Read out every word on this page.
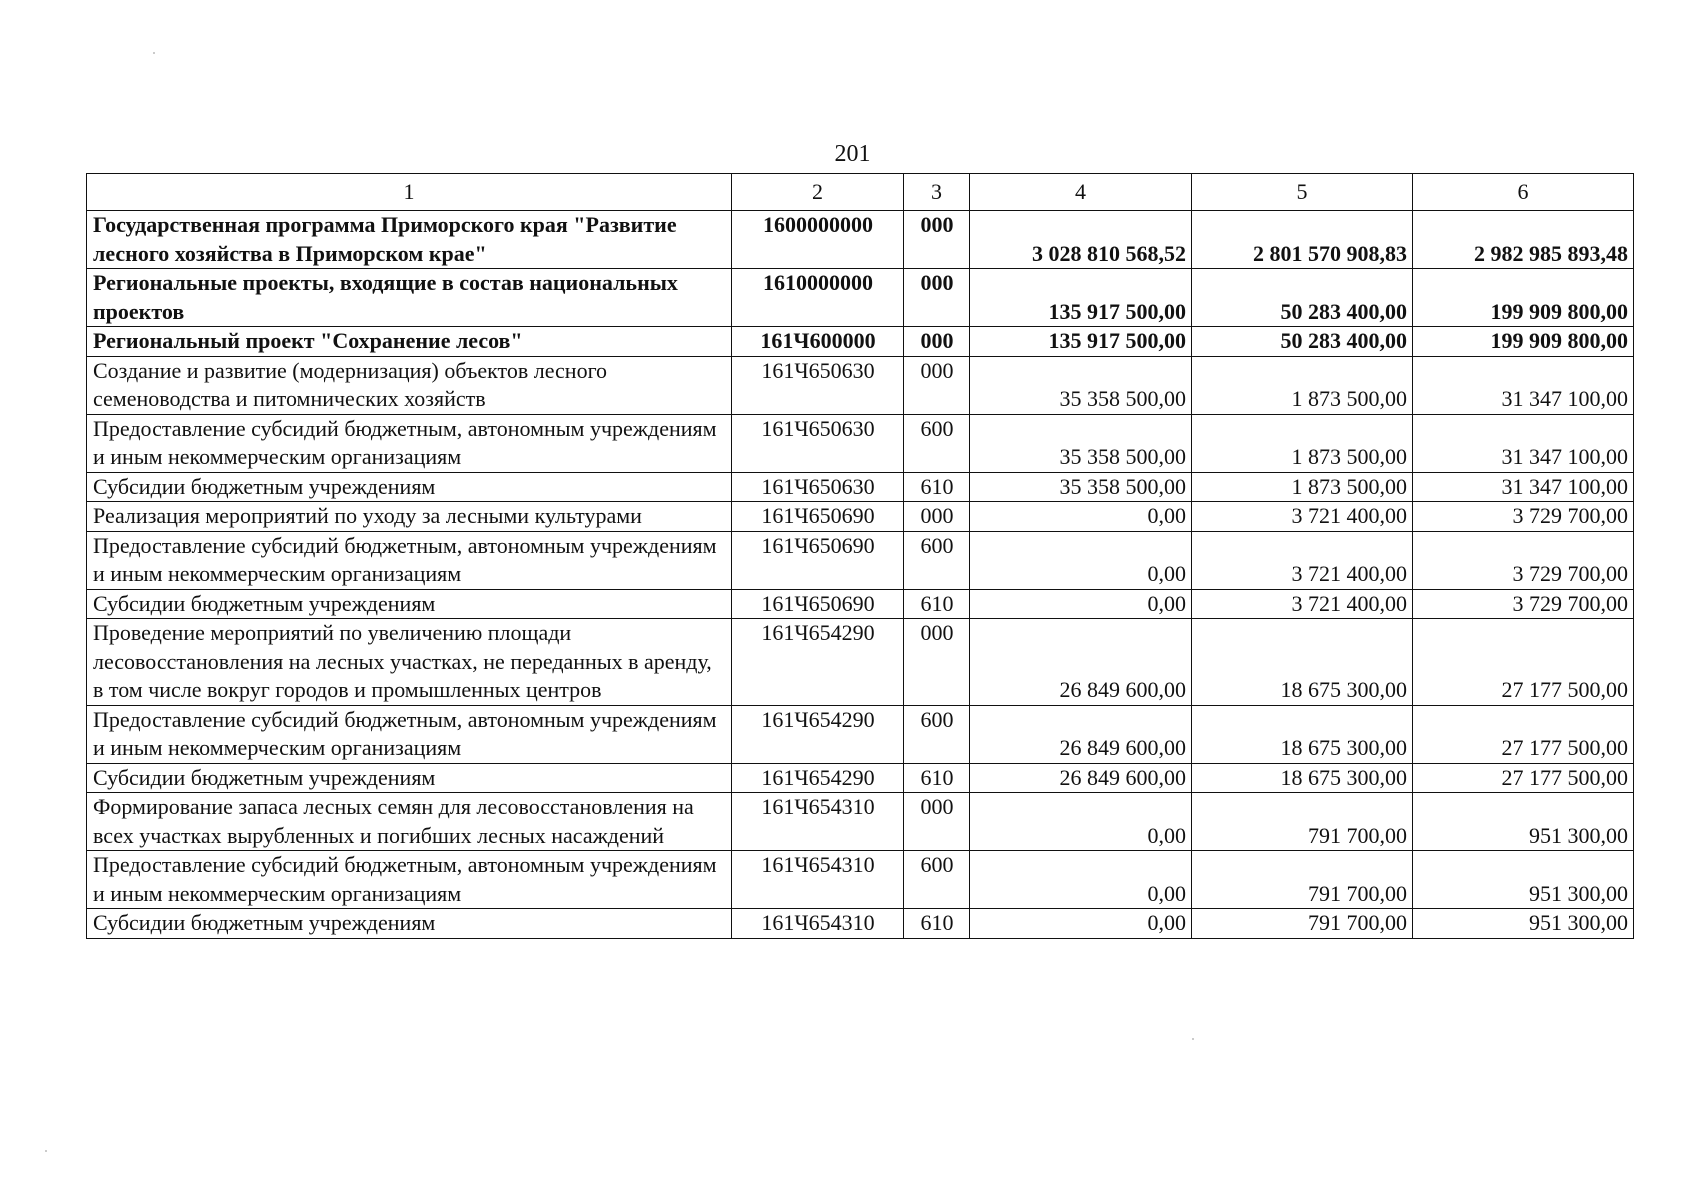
201
1	2	3	4	5	6
Государственная программа Приморского края "Развитие лесного хозяйства в Приморском крае"	1600000000	000	3 028 810 568,52	2 801 570 908,83	2 982 985 893,48
Региональные проекты, входящие в состав национальных проектов	1610000000	000	135 917 500,00	50 283 400,00	199 909 800,00
Региональный проект "Сохранение лесов"	161Ч600000	000	135 917 500,00	50 283 400,00	199 909 800,00
Создание и развитие (модернизация) объектов лесного семеноводства и питомнических хозяйств	161Ч650630	000	35 358 500,00	1 873 500,00	31 347 100,00
Предоставление субсидий бюджетным, автономным учреждениям и иным некоммерческим организациям	161Ч650630	600	35 358 500,00	1 873 500,00	31 347 100,00
Субсидии бюджетным учреждениям	161Ч650630	610	35 358 500,00	1 873 500,00	31 347 100,00
Реализация мероприятий по уходу за лесными культурами	161Ч650690	000	0,00	3 721 400,00	3 729 700,00
Предоставление субсидий бюджетным, автономным учреждениям и иным некоммерческим организациям	161Ч650690	600	0,00	3 721 400,00	3 729 700,00
Субсидии бюджетным учреждениям	161Ч650690	610	0,00	3 721 400,00	3 729 700,00
Проведение мероприятий по увеличению площади лесовосстановления на лесных участках, не переданных в аренду, в том числе вокруг городов и промышленных центров	161Ч654290	000	26 849 600,00	18 675 300,00	27 177 500,00
Предоставление субсидий бюджетным, автономным учреждениям и иным некоммерческим организациям	161Ч654290	600	26 849 600,00	18 675 300,00	27 177 500,00
Субсидии бюджетным учреждениям	161Ч654290	610	26 849 600,00	18 675 300,00	27 177 500,00
Формирование запаса лесных семян для лесовосстановления на всех участках вырубленных и погибших лесных насаждений	161Ч654310	000	0,00	791 700,00	951 300,00
Предоставление субсидий бюджетным, автономным учреждениям и иным некоммерческим организациям	161Ч654310	600	0,00	791 700,00	951 300,00
Субсидии бюджетным учреждениям	161Ч654310	610	0,00	791 700,00	951 300,00
